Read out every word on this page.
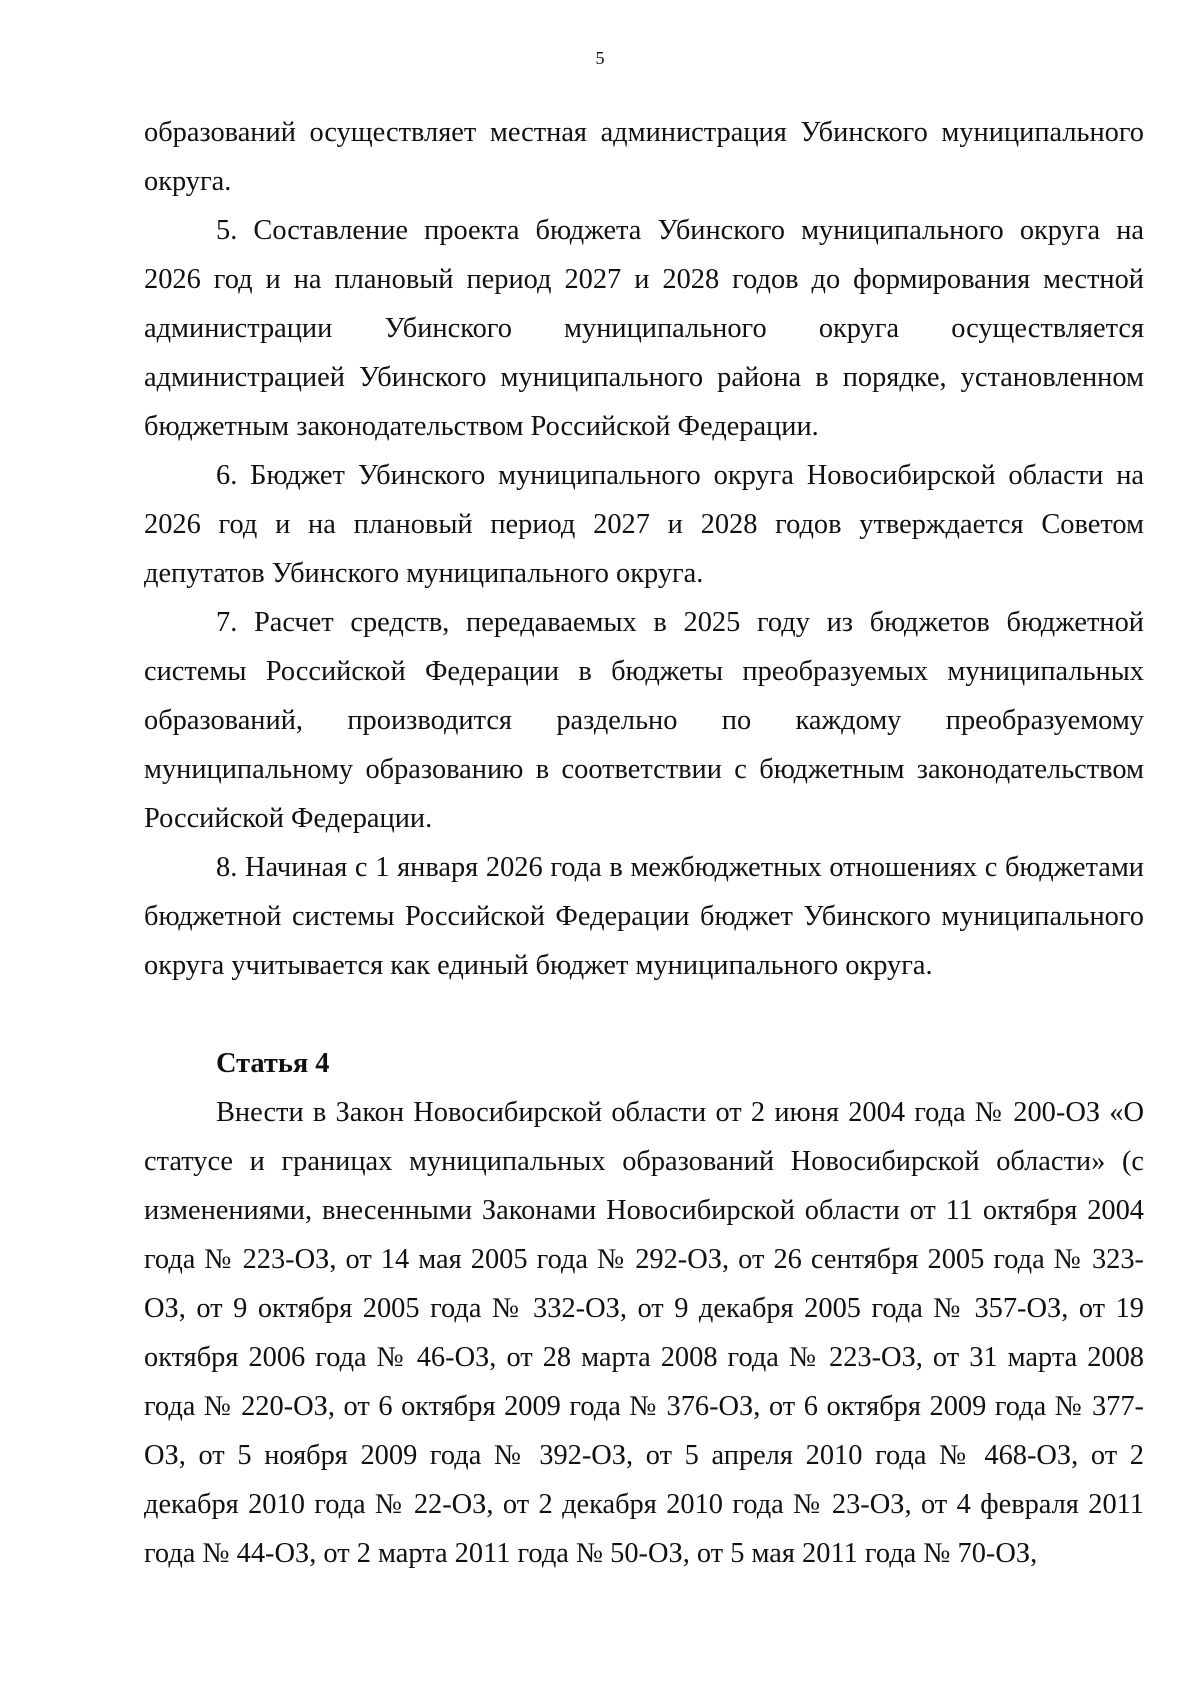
5

образований осуществляет местная администрация Убинского муниципального округа.

5. Составление проекта бюджета Убинского муниципального округа на 2026 год и на плановый период 2027 и 2028 годов до формирования местной администрации Убинского муниципального округа осуществляется администрацией Убинского муниципального района в порядке, установленном бюджетным законодательством Российской Федерации.

6. Бюджет Убинского муниципального округа Новосибирской области на 2026 год и на плановый период 2027 и 2028 годов утверждается Советом депутатов Убинского муниципального округа.

7. Расчет средств, передаваемых в 2025 году из бюджетов бюджетной системы Российской Федерации в бюджеты преобразуемых муниципальных образований, производится раздельно по каждому преобразуемому муниципальному образованию в соответствии с бюджетным законодательством Российской Федерации.

8. Начиная с 1 января 2026 года в межбюджетных отношениях с бюджетами бюджетной системы Российской Федерации бюджет Убинского муниципального округа учитывается как единый бюджет муниципального округа.

Статья 4

Внести в Закон Новосибирской области от 2 июня 2004 года № 200-ОЗ «О статусе и границах муниципальных образований Новосибирской области» (с изменениями, внесенными Законами Новосибирской области от 11 октября 2004 года № 223-ОЗ, от 14 мая 2005 года № 292-ОЗ, от 26 сентября 2005 года № 323-ОЗ, от 9 октября 2005 года № 332-ОЗ, от 9 декабря 2005 года № 357-ОЗ, от 19 октября 2006 года № 46-ОЗ, от 28 марта 2008 года № 223-ОЗ, от 31 марта 2008 года № 220-ОЗ, от 6 октября 2009 года № 376-ОЗ, от 6 октября 2009 года № 377-ОЗ, от 5 ноября 2009 года № 392-ОЗ, от 5 апреля 2010 года № 468-ОЗ, от 2 декабря 2010 года № 22-ОЗ, от 2 декабря 2010 года № 23-ОЗ, от 4 февраля 2011 года № 44-ОЗ, от 2 марта 2011 года № 50-ОЗ, от 5 мая 2011 года № 70-ОЗ,
